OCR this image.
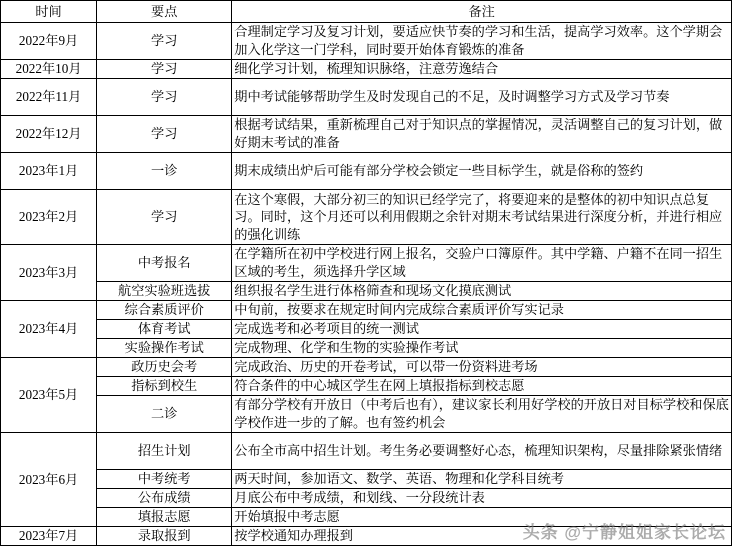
时间	要点	备注
2022年9月	学习	合理制定学习及复习计划，要适应快节奏的学习和生活，提高学习效率。这个学期会加入化学这一门学科，同时要开始体育锻炼的准备
2022年10月	学习	细化学习计划，梳理知识脉络，注意劳逸结合
2022年11月	学习	期中考试能够帮助学生及时发现自己的不足，及时调整学习方式及学习节奏
2022年12月	学习	根据考试结果，重新梳理自己对于知识点的掌握情况，灵活调整自己的复习计划，做好期末考试的准备
2023年1月	一诊	期末成绩出炉后可能有部分学校会锁定一些目标学生，就是俗称的签约
2023年2月	学习	在这个寒假，大部分初三的知识已经学完了，将要迎来的是整体的初中知识点总复习。同时，这个月还可以利用假期之余针对期末考试结果进行深度分析，并进行相应的强化训练
2023年3月	中考报名	在学籍所在初中学校进行网上报名，交验户口簿原件。其中学籍、户籍不在同一招生区域的考生，须选择升学区域
	航空实验班选拔	组织报名学生进行体格筛查和现场文化摸底测试
2023年4月	综合素质评价	中旬前，按要求在规定时间内完成综合素质评价写实记录
	体育考试	完成选考和必考项目的统一测试
	实验操作考试	完成物理、化学和生物的实验操作考试
2023年5月	政历史会考	完成政治、历史的开卷考试，可以带一份资料进考场
	指标到校生	符合条件的中心城区学生在网上填报指标到校志愿
	二诊	有部分学校有开放日（中考后也有），建议家长利用好学校的开放日对目标学校和保底学校作进一步的了解。也有签约机会
2023年6月	招生计划	公布全市高中招生计划。考生务必要调整好心态，梳理知识架构，尽量排除紧张情绪
	中考统考	两天时间，参加语文、数学、英语、物理和化学科目统考
	公布成绩	月底公布中考成绩，和划线、一分段统计表
	填报志愿	开始填报中考志愿
2023年7月	录取报到	按学校通知办理报到	头条 @宁静姐姐家长论坛
